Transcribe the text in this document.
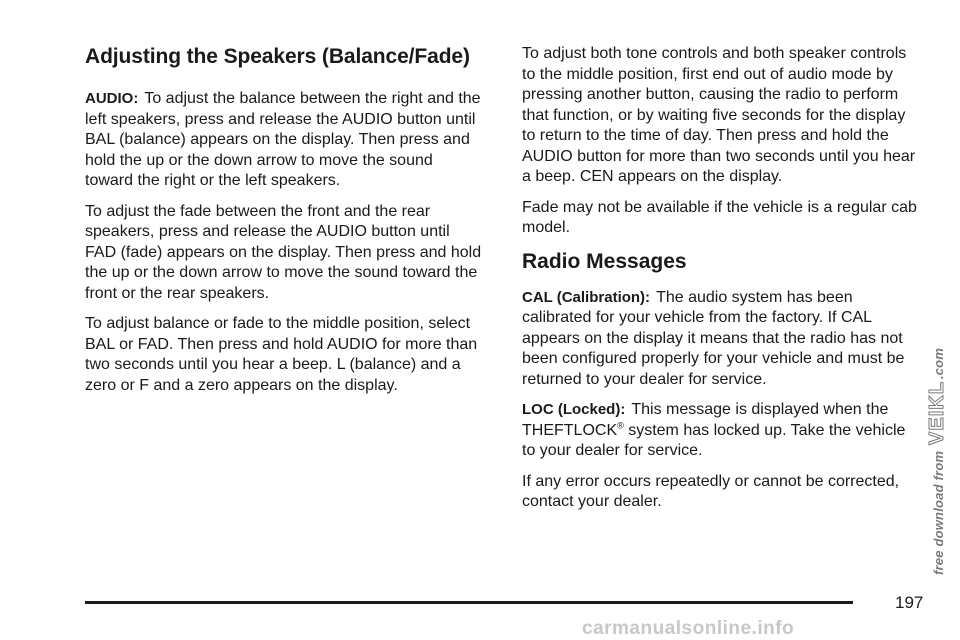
Adjusting the Speakers (Balance/Fade)

AUDIO: To adjust the balance between the right and the left speakers, press and release the AUDIO button until BAL (balance) appears on the display. Then press and hold the up or the down arrow to move the sound toward the right or the left speakers.

To adjust the fade between the front and the rear speakers, press and release the AUDIO button until FAD (fade) appears on the display. Then press and hold the up or the down arrow to move the sound toward the front or the rear speakers.

To adjust balance or fade to the middle position, select BAL or FAD. Then press and hold AUDIO for more than two seconds until you hear a beep. L (balance) and a zero or F and a zero appears on the display.

To adjust both tone controls and both speaker controls to the middle position, first end out of audio mode by pressing another button, causing the radio to perform that function, or by waiting five seconds for the display to return to the time of day. Then press and hold the AUDIO button for more than two seconds until you hear a beep. CEN appears on the display.

Fade may not be available if the vehicle is a regular cab model.

Radio Messages

CAL (Calibration): The audio system has been calibrated for your vehicle from the factory. If CAL appears on the display it means that the radio has not been configured properly for your vehicle and must be returned to your dealer for service.

LOC (Locked): This message is displayed when the THEFTLOCK® system has locked up. Take the vehicle to your dealer for service.

If any error occurs repeatedly or cannot be corrected, contact your dealer.

197
free download from VEIKL.com
carmanualsonline.info
